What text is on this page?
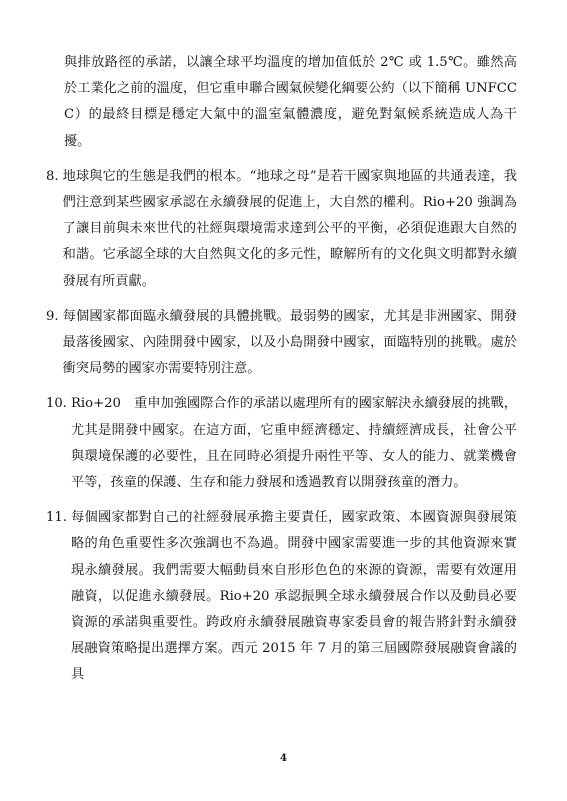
與排放路徑的承諾，以讓全球平均溫度的增加值低於 2℃ 或 1.5℃。雖然高於工業化之前的溫度，但它重申聯合國氣候變化綱要公約（以下簡稱 UNFCCC）的最終目標是穩定大氣中的溫室氣體濃度，避免對氣候系統造成人為干擾。

8. 地球與它的生態是我們的根本。“地球之母”是若干國家與地區的共通表達，我們注意到某些國家承認在永續發展的促進上，大自然的權利。Rio+20 強調為了讓目前與未來世代的社經與環境需求達到公平的平衡，必須促進跟大自然的和諧。它承認全球的大自然與文化的多元性，瞭解所有的文化與文明都對永續發展有所貢獻。

9. 每個國家都面臨永續發展的具體挑戰。最弱勢的國家，尤其是非洲國家、開發最落後國家、內陸開發中國家，以及小島開發中國家，面臨特別的挑戰。處於衝突局勢的國家亦需要特別注意。

10. Rio+20　重申加強國際合作的承諾以處理所有的國家解決永續發展的挑戰，尤其是開發中國家。在這方面，它重申經濟穩定、持續經濟成長，社會公平與環境保護的必要性，且在同時必須提升兩性平等、女人的能力、就業機會平等，孩童的保護、生存和能力發展和透過教育以開發孩童的潛力。

11. 每個國家都對自己的社經發展承擔主要責任，國家政策、本國資源與發展策略的角色重要性多次強調也不為過。開發中國家需要進一步的其他資源來實現永續發展。我們需要大幅動員來自形形色色的來源的資源，需要有效運用融資，以促進永續發展。Rio+20 承認振興全球永續發展合作以及動員必要資源的承諾與重要性。跨政府永續發展融資專家委員會的報告將針對永續發展融資策略提出選擇方案。西元 2015 年 7 月的第三屆國際發展融資會議的具

4
